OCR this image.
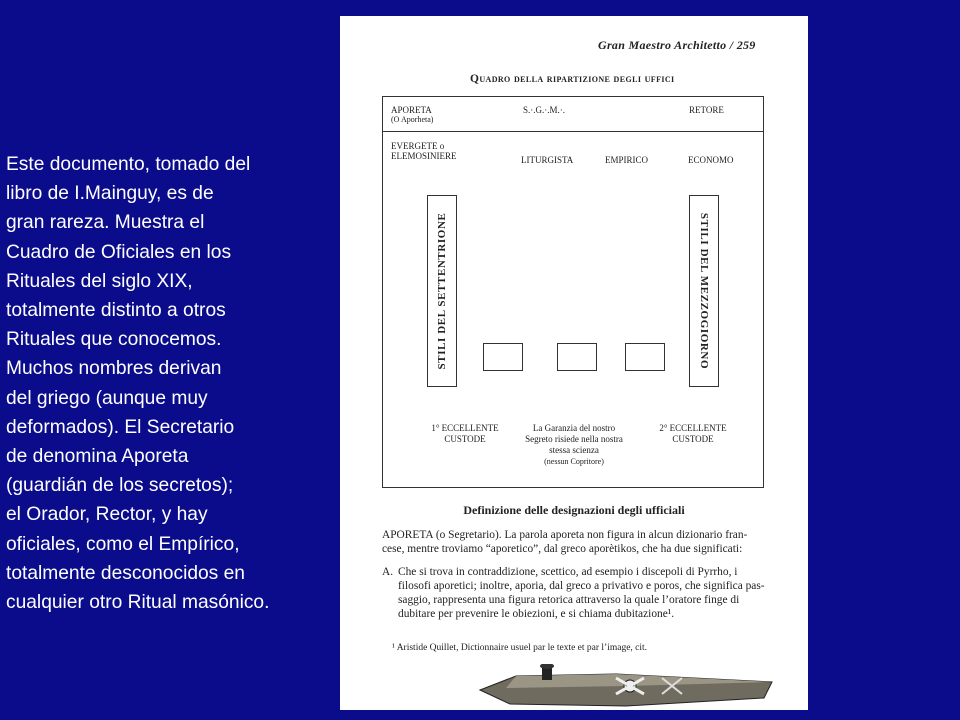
Este documento, tomado del
libro de I.Mainguy, es de
gran rareza. Muestra el
Cuadro de Oficiales en los
Rituales del siglo XIX,
totalmente distinto a otros
Rituales que conocemos.
Muchos nombres derivan
del griego (aunque muy
deformados). El Secretario
de denomina Aporeta
(guardián de los secretos);
el Orador, Rector, y hay
oficiales, como el Empírico,
totalmente desconocidos en
cualquier otro Ritual masónico.
Gran Maestro Architetto / 259
Quadro della ripartizione degli uffici
APORETA
(O Aporheta)
S.·.G.·.M.·.	RETORE
EVERGETE o
ELEMOSINIERE	LITURGISTA	EMPIRICO	ECONOMO
STILI DEL SETTENTRIONE	STILI DEL MEZZOGIORNO
1° ECCELLENTE
CUSTODE
La Garanzia del nostro
Segreto risiede nella nostra
stessa scienza
(nessun Copritore)
2° ECCELLENTE
CUSTODE
Definizione delle designazioni degli ufficiali
APORETA (o Segretario). La parola aporeta non figura in alcun dizionario fran-
cese, mentre troviamo “aporetico”, dal greco aporètikos, che ha due significati:
A. Che si trova in contraddizione, scettico, ad esempio i discepoli di Pyrrho, i
filosofi aporetici; inoltre, aporia, dal greco a privativo e poros, che significa pas-
saggio, rappresenta una figura retorica attraverso la quale l’oratore finge di
dubitare per prevenire le obiezioni, e si chiama dubitazione¹.
¹ Aristide Quillet, Dictionnaire usuel par le texte et par l’image, cit.
